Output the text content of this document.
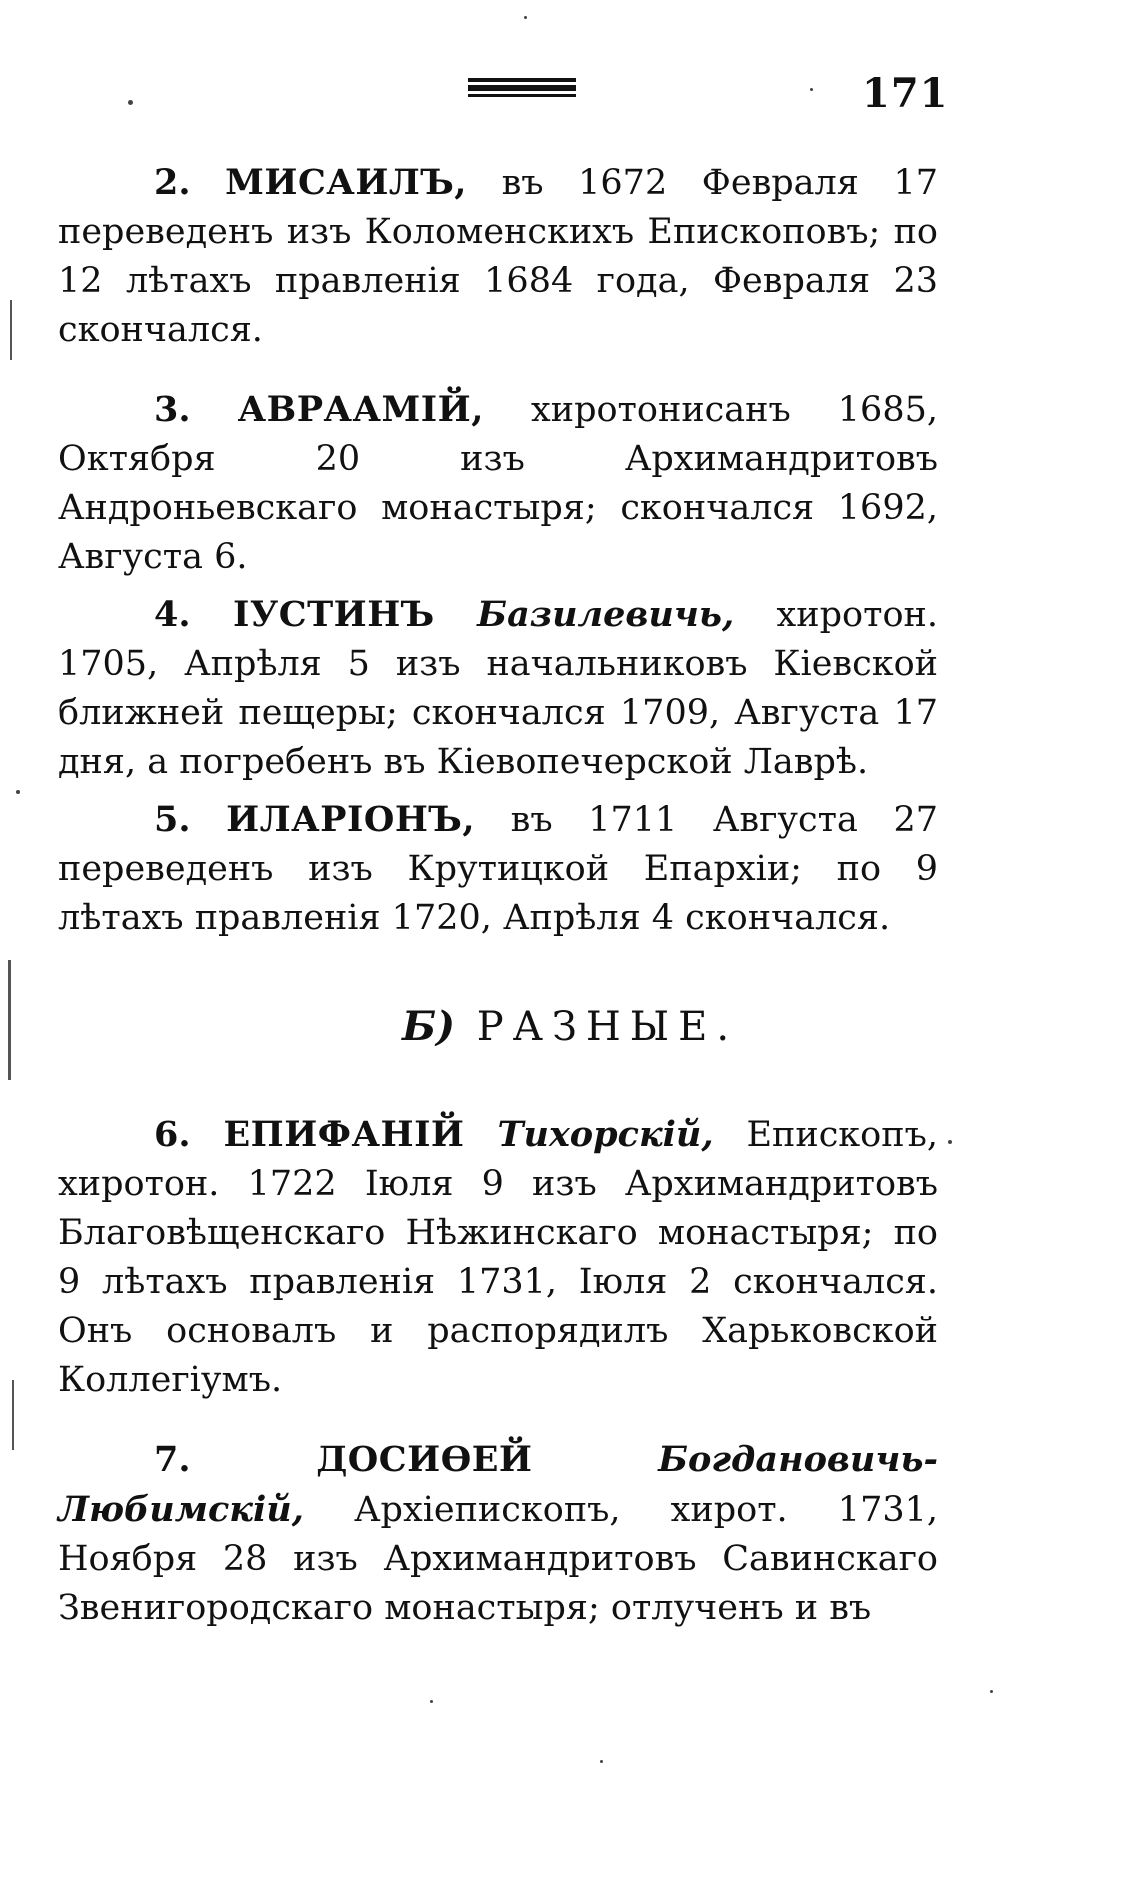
171

2. МИСАИЛЪ, въ 1672 Февраля 17 переведенъ изъ Коломенскихъ Епископовъ; по 12 лѣтахъ правленiя 1684 года, Февраля 23 скончался.

3. АВРААМIЙ, хиротонисанъ 1685, Октября 20 изъ Архимандритовъ Андроньевскаго монастыря; скончался 1692, Августа 6.

4. IУСТИНЪ Базилевичь, хиротон. 1705, Апрѣля 5 изъ начальниковъ Кiевской ближней пещеры; скончался 1709, Августа 17 дня, а погребенъ въ Кiевопечерской Лаврѣ.

5. ИЛАРIОНЪ, въ 1711 Августа 27 переведенъ изъ Крутицкой Епархiи; по 9 лѣтахъ правленiя 1720, Апрѣля 4 скончался.

Б) РАЗНЫЕ.

6. ЕПИФАНIЙ Тихорскiй, Епископъ, хиротон. 1722 Iюля 9 изъ Архимандритовъ Благовѣщенскаго Нѣжинскаго монастыря; по 9 лѣтахъ правленiя 1731, Iюля 2 скончался. Онъ основалъ и распорядилъ Харьковской Коллегiумъ.

7.	ДОСИѲЕЙ	Богдановичь-Любимскiй, Архiепископъ, хирот. 1731, Ноября 28 изъ Архимандритовъ Савинскаго Звенигородскаго монастыря; отлученъ и въ
